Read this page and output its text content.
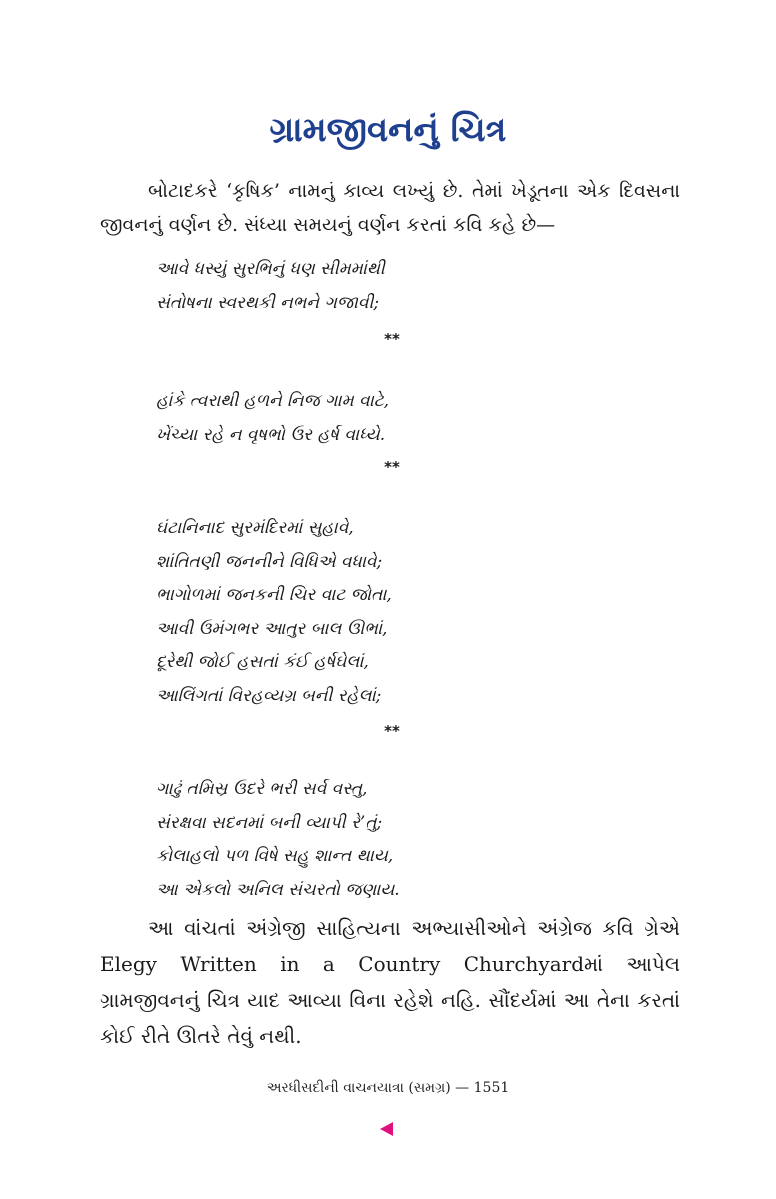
ગ્રામજીવનનું ચિત્ર
બોટાદકરે ‘કૃષિક’ નામનું કાવ્ય લખ્યું છે. તેમાં ખેડૂતના એક દિવસના જીવનનું વર્ણન છે. સંધ્યા સમયનું વર્ણન કરતાં કવિ કહે છે—
આવે ધસ્યું સુરભિનું ધણ સીમમાંથી
સંતોષના સ્વરથકી નભને ગજાવી;
**
હાંકે ત્વરાથી હળને નિજ ગામ વાટે,
ખેંચ્યા રહે ન વૃષભો ઉર હર્ષ વાધ્યે.
**
ઘંટાનિનાદ સુરમંદિરમાં સુહાવે,
શાંતિતણી જનનીને વિધિએ વધાવે;
ભાગોળમાં જનકની ચિર વાટ જોતા,
આવી ઉમંગભર આતુર બાલ ઊભાં,
દૂરેથી જોઈ હસતાં કંઈ હર્ષઘેલાં,
આલિંગતાં વિરહવ્યગ્ર બની રહેલાં;
**
ગાઢું તમિસ્ર ઉદરે ભરી સર્વ વસ્તુ,
સંરક્ષવા સદનમાં બની વ્યાપી રે’તું;
કોલાહલો પળ વિષે સહુ શાન્ત થાય,
આ એકલો અનિલ સંચરતો જણાય.
આ વાંચતાં અંગ્રેજી સાહિત્યના અભ્યાસીઓને અંગ્રેજ કવિ ગ્રેએ Elegy Written in a Country Churchyardમાં આપેલ ગ્રામજીવનનું ચિત્ર યાદ આવ્યા વિના રહેશે નહિ. સૌંદર્યમાં આ તેના કરતાં કોઈ રીતે ઊતરે તેવું નથી.
અરધીસદીની વાચનયાત્રા (સમગ્ર) — 1551
